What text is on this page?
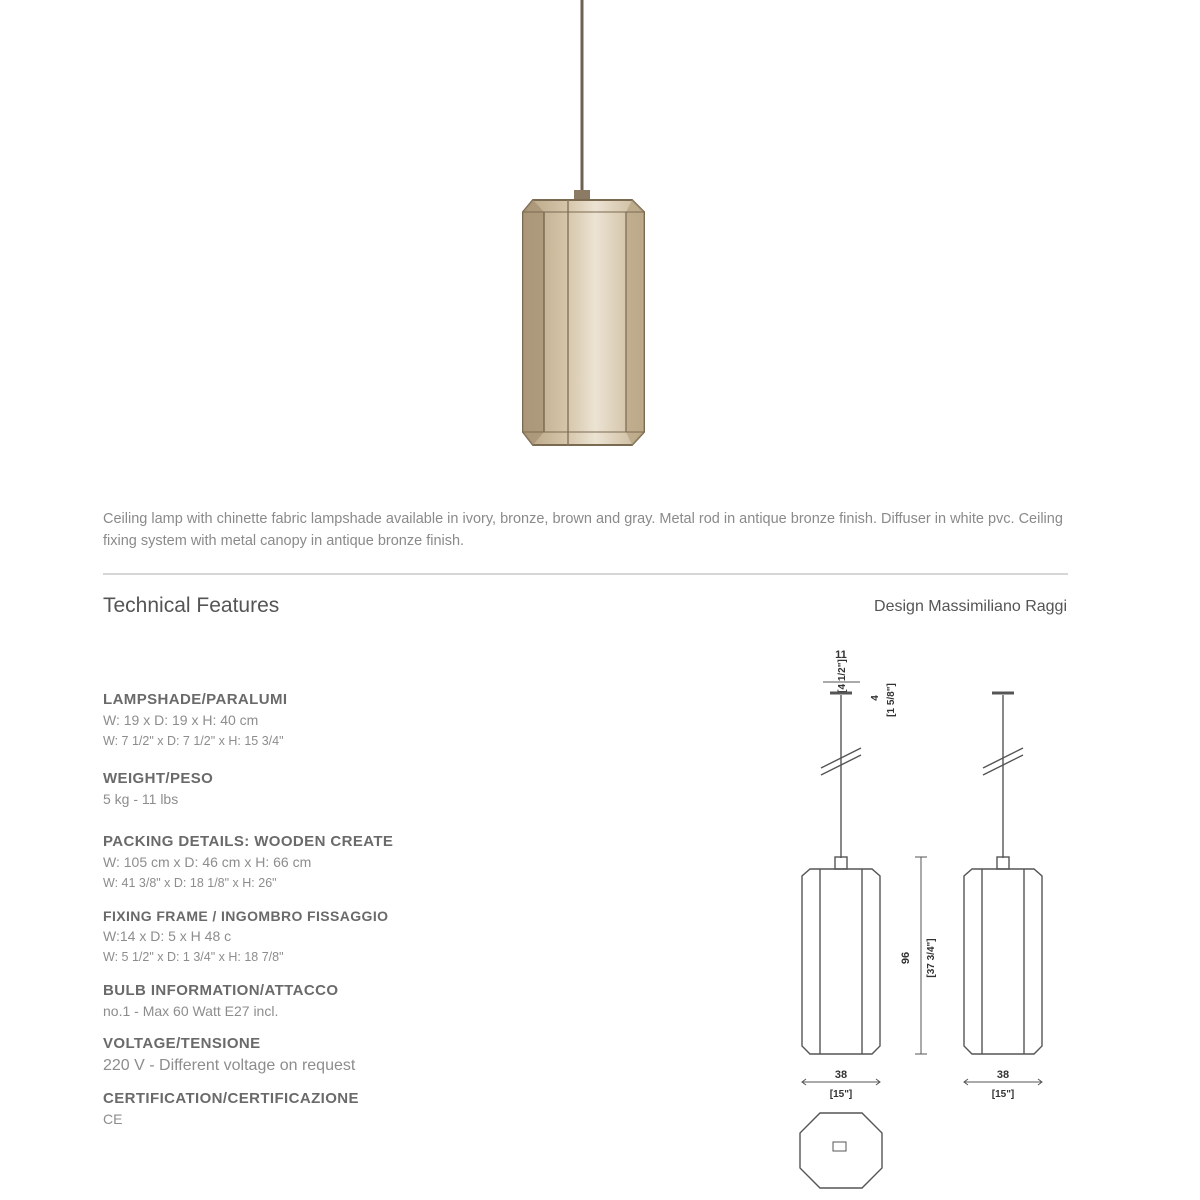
Ceiling lamp with chinette fabric lampshade available in ivory, bronze, brown and gray. Metal rod in antique bronze finish. Diffuser in white pvc. Ceiling fixing system with metal canopy in antique bronze finish.

Technical Features	Design Massimiliano Raggi
LAMPSHADE/PARALUMI
W: 19 x D: 19 x H: 40 cm
W: 7 1/2" x D: 7 1/2" x H: 15 3/4"
WEIGHT/PESO
5 kg - 11 lbs
PACKING DETAILS: WOODEN CREATE
W: 105 cm x D: 46 cm x H: 66 cm
W: 41 3/8" x D: 18 1/8" x H: 26"
FIXING FRAME / INGOMBRO FISSAGGIO
W:14 x D: 5 x H 48 c
W: 5 1/2" x D: 1 3/4" x H: 18 7/8"
BULB INFORMATION/ATTACCO
no.1 - Max 60 Watt E27 incl.
VOLTAGE/TENSIONE
220 V - Different voltage on request
CERTIFICATION/CERTIFICAZIONE
CE
11
[4 1/2"]
4 [1 5/8"]
38
[15"]
96 [37 3/4"]
38
[15"]
